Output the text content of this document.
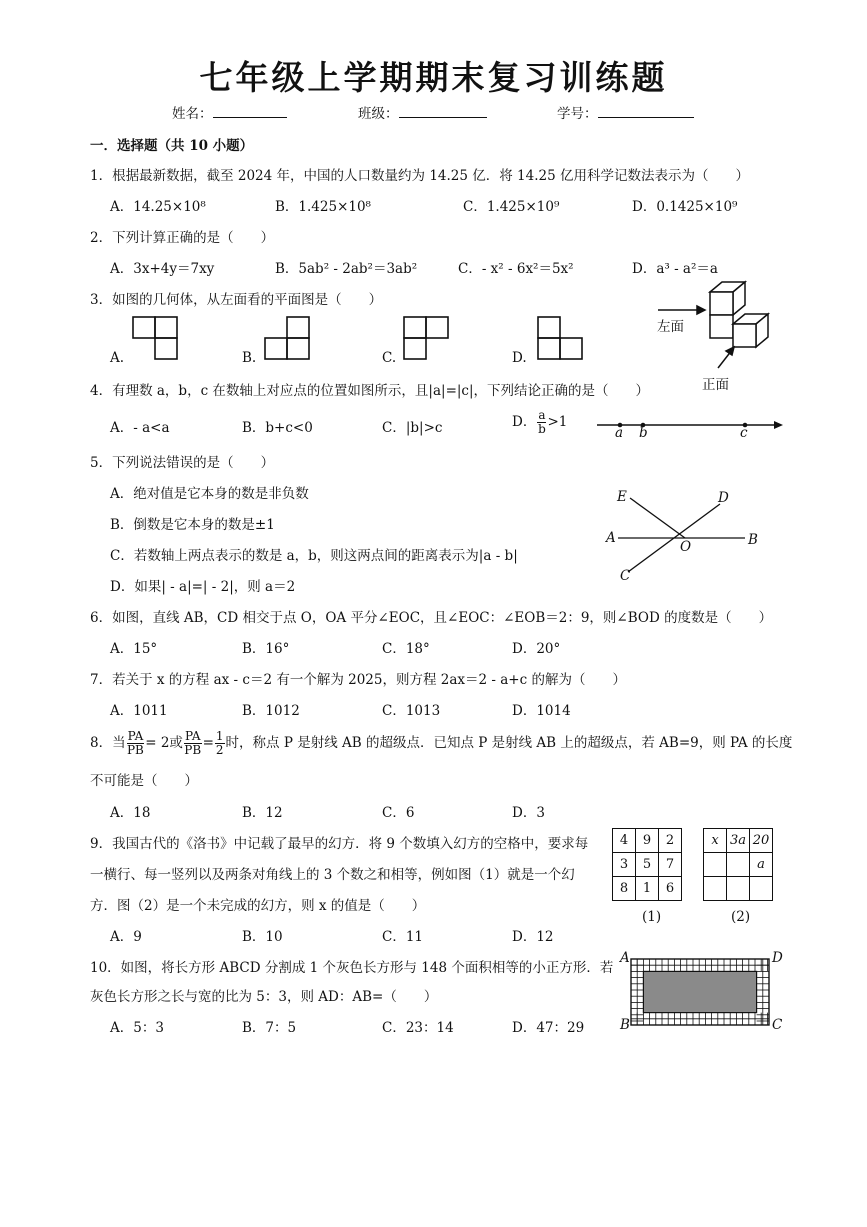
七年级上学期期末复习训练题
姓名：	班级：	学号：
一．选择题（共 10 小题）
1．根据最新数据，截至 2024 年，中国的人口数量约为 14.25 亿．将 14.25 亿用科学记数法表示为（　　）
A．14.25×10⁸	B．1.425×10⁸	C．1.425×10⁹	D．0.1425×10⁹
2．下列计算正确的是（　　）
A．3x+4y＝7xy	B．5ab² - 2ab²＝3ab²	C．- x² - 6x²＝5x²	D．a³ - a²＝a
3．如图的几何体，从左面看的平面图是（　　）
A.	B.	C.	D.
左面
正面
4．有理数 a，b，c 在数轴上对应点的位置如图所示，且|a|=|c|，下列结论正确的是（　　）
A．- a<a	B．b+c<0	C．|b|>c	D． $\frac{a}{b} >1$
a b	c
5．下列说法错误的是（　　）
A．绝对值是它本身的数是非负数
B．倒数是它本身的数是±1
C．若数轴上两点表示的数是 a，b，则这两点间的距离表示为|a - b|
D．如果| - a|=| - 2|，则 a＝2
E	D
A
O	B
C
6．如图，直线 AB，CD 相交于点 O，OA 平分∠EOC，且∠EOC：∠EOB＝2：9，则∠BOD 的度数是（　　）
A．15°	B．16°	C．18°	D．20°
7．若关于 x 的方程 ax - c＝2 有一个解为 2025，则方程 2ax＝2 - a+c 的解为（　　）
A．1011	B．1012	C．1013	D．1014
8．当 $\frac{PA}{PB} = 2$或 $\frac{PA}{PB} = \frac{1}{2}$ 时，称点 P 是射线 AB 的超级点．已知点 P 是射线 AB 上的超级点，若 AB=9，则 PA 的长度
不可能是（　　）
A．18	B．12	C．6	D．3
9．我国古代的《洛书》中记载了最早的幻方．将 9 个数填入幻方的空格中，要求每
一横行、每一竖列以及两条对角线上的 3 个数之和相等，例如图（1）就是一个幻
方．图（2）是一个未完成的幻方，则 x 的值是（　　）
A．9	B．10	C．11	D．12
4	9	2
3	5	7
8	1	6
x	3a	20
		a

(1)	(2)
10．如图，将长方形 ABCD 分割成 1 个灰色长方形与 148 个面积相等的小正方形．若
灰色长方形之长与宽的比为 5：3，则 AD：AB=（　　）
A．5：3	B．7：5	C．23：14	D．47：29
A	D
B	C
